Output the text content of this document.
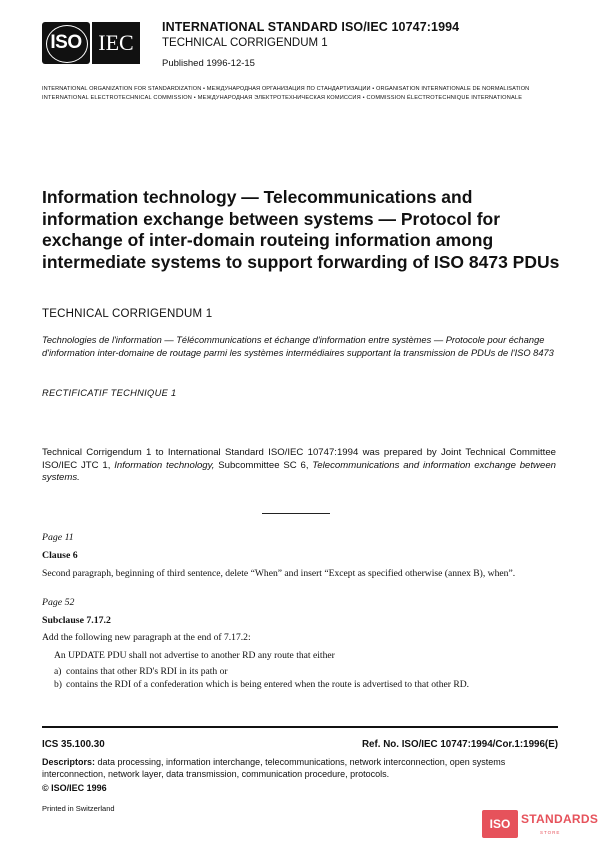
ISO IEC
INTERNATIONAL STANDARD ISO/IEC 10747:1994
TECHNICAL CORRIGENDUM 1
Published 1996-12-15
INTERNATIONAL ORGANIZATION FOR STANDARDIZATION • МЕЖДУНАРОДНАЯ ОРГАНИЗАЦИЯ ПО СТАНДАРТИЗАЦИИ • ORGANISATION INTERNATIONALE DE NORMALISATION
INTERNATIONAL ELECTROTECHNICAL COMMISSION • МЕЖДУНАРОДНАЯ ЭЛЕКТРОТЕХНИЧЕСКАЯ КОМИССИЯ • COMMISSION ÉLECTROTECHNIQUE INTERNATIONALE
Information technology — Telecommunications and information exchange between systems — Protocol for exchange of inter-domain routeing information among intermediate systems to support forwarding of ISO 8473 PDUs
TECHNICAL CORRIGENDUM 1
Technologies de l'information — Télécommunications et échange d'information entre systèmes — Protocole pour échange d'information inter-domaine de routage parmi les systèmes intermédiaires supportant la transmission de PDUs de l'ISO 8473
RECTIFICATIF TECHNIQUE 1
Technical Corrigendum 1 to International Standard ISO/IEC 10747:1994 was prepared by Joint Technical Committee ISO/IEC JTC 1, Information technology, Subcommittee SC 6, Telecommunications and information exchange between systems.
Page 11
Clause 6
Second paragraph, beginning of third sentence, delete “When” and insert “Except as specified otherwise (annex B), when”.
Page 52
Subclause 7.17.2
Add the following new paragraph at the end of 7.17.2:
An UPDATE PDU shall not advertise to another RD any route that either
a) contains that other RD's RDI in its path or
b) contains the RDI of a confederation which is being entered when the route is advertised to that other RD.
ICS 35.100.30	Ref. No. ISO/IEC 10747:1994/Cor.1:1996(E)
Descriptors: data processing, information interchange, telecommunications, network interconnection, open systems interconnection, network layer, data transmission, communication procedure, protocols.
© ISO/IEC 1996
Printed in Switzerland
ISO STANDARDS
STORE
